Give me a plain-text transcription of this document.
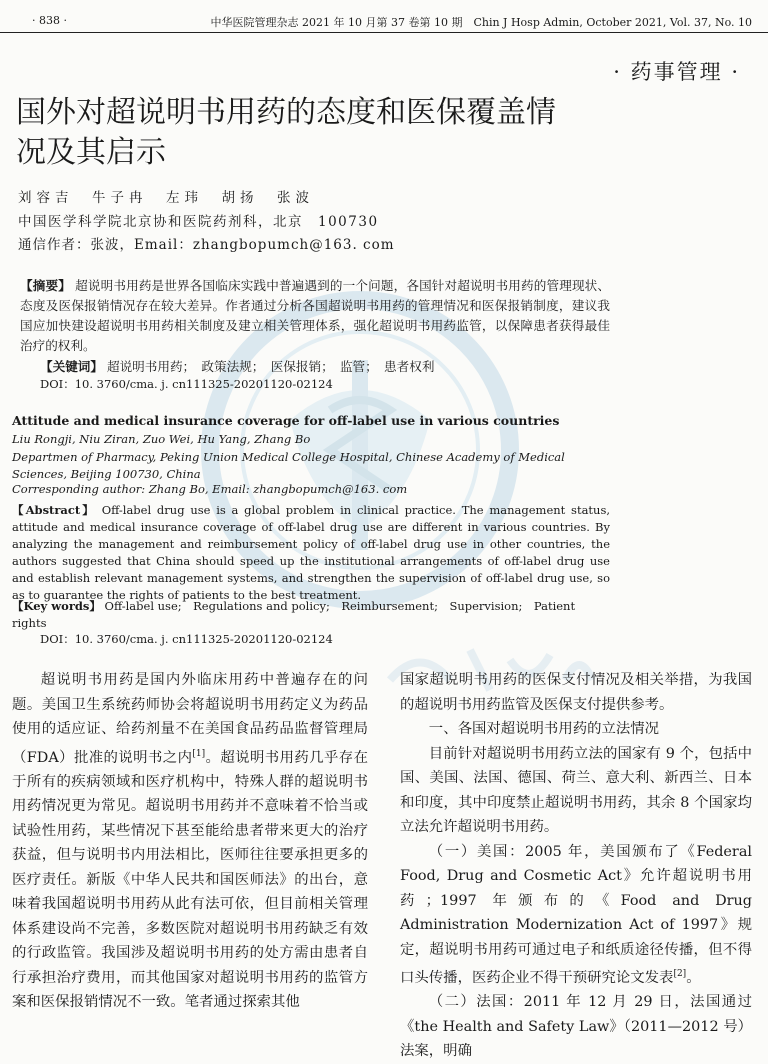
· 838 ·	中华医院管理杂志 2021 年 10 月第 37 卷第 10 期　Chin J Hosp Admin, October 2021, Vol. 37, No. 10
· 药事管理 ·
国外对超说明书用药的态度和医保覆盖情况及其启示
刘容吉　牛子冉　左玮　胡扬　张波
中国医学科学院北京协和医院药剂科，北京　100730
通信作者：张波，Email：zhangbopumch@163. com
【摘要】 超说明书用药是世界各国临床实践中普遍遇到的一个问题，各国针对超说明书用药的管理现状、态度及医保报销情况存在较大差异。作者通过分析各国超说明书用药的管理情况和医保报销制度，建议我国应加快建设超说明书用药相关制度及建立相关管理体系，强化超说明书用药监管，以保障患者获得最佳治疗的权利。
【关键词】 超说明书用药；　政策法规；　医保报销；　监管；　患者权利
DOI：10. 3760/cma. j. cn111325-20201120-02124
Attitude and medical insurance coverage for off-label use in various countries
Liu Rongji, Niu Ziran, Zuo Wei, Hu Yang, Zhang Bo
Departmen of Pharmacy, Peking Union Medical College Hospital, Chinese Academy of Medical Sciences, Beijing 100730, China
Corresponding author: Zhang Bo, Email: zhangbopumch@163. com
【Abstract】 Off-label drug use is a global problem in clinical practice. The management status, attitude and medical insurance coverage of off-label drug use are different in various countries. By analyzing the management and reimbursement policy of off-label drug use in other countries, the authors suggested that China should speed up the institutional arrangements of off-label drug use and establish relevant management systems, and strengthen the supervision of off-label drug use, so as to guarantee the rights of patients to the best treatment.
【Key words】 Off-label use;　Regulations and policy;　Reimbursement;　Supervision;　Patient rights
DOI：10. 3760/cma. j. cn111325-20201120-02124

超说明书用药是国内外临床用药中普遍存在的问题。美国卫生系统药师协会将超说明书用药定义为药品使用的适应证、给药剂量不在美国食品药品监督管理局（FDA）批准的说明书之内[1]。超说明书用药几乎存在于所有的疾病领域和医疗机构中，特殊人群的超说明书用药情况更为常见。超说明书用药并不意味着不恰当或试验性用药，某些情况下甚至能给患者带来更大的治疗获益，但与说明书内用法相比，医师往往要承担更多的医疗责任。新版《中华人民共和国医师法》的出台，意味着我国超说明书用药从此有法可依，但目前相关管理体系建设尚不完善，多数医院对超说明书用药缺乏有效的行政监管。我国涉及超说明书用药的处方需由患者自行承担治疗费用，而其他国家对超说明书用药的监管方案和医保报销情况不一致。笔者通过探索其他

国家超说明书用药的医保支付情况及相关举措，为我国的超说明书用药监管及医保支付提供参考。

一、各国对超说明书用药的立法情况

目前针对超说明书用药立法的国家有 9 个，包括中国、美国、法国、德国、荷兰、意大利、新西兰、日本和印度，其中印度禁止超说明书用药，其余 8 个国家均立法允许超说明书用药。

（一）美国：2005 年，美国颁布了《Federal Food, Drug and Cosmetic Act》允许超说明书用药；1997 年颁布的《Food and Drug Administration Modernization Act of 1997》规定，超说明书用药可通过电子和纸质途径传播，但不得口头传播，医药企业不得干预研究论文发表[2]。

（二）法国：2011 年 12 月 29 日，法国通过《the Health and Safety Law》（2011—2012 号）法案，明确
